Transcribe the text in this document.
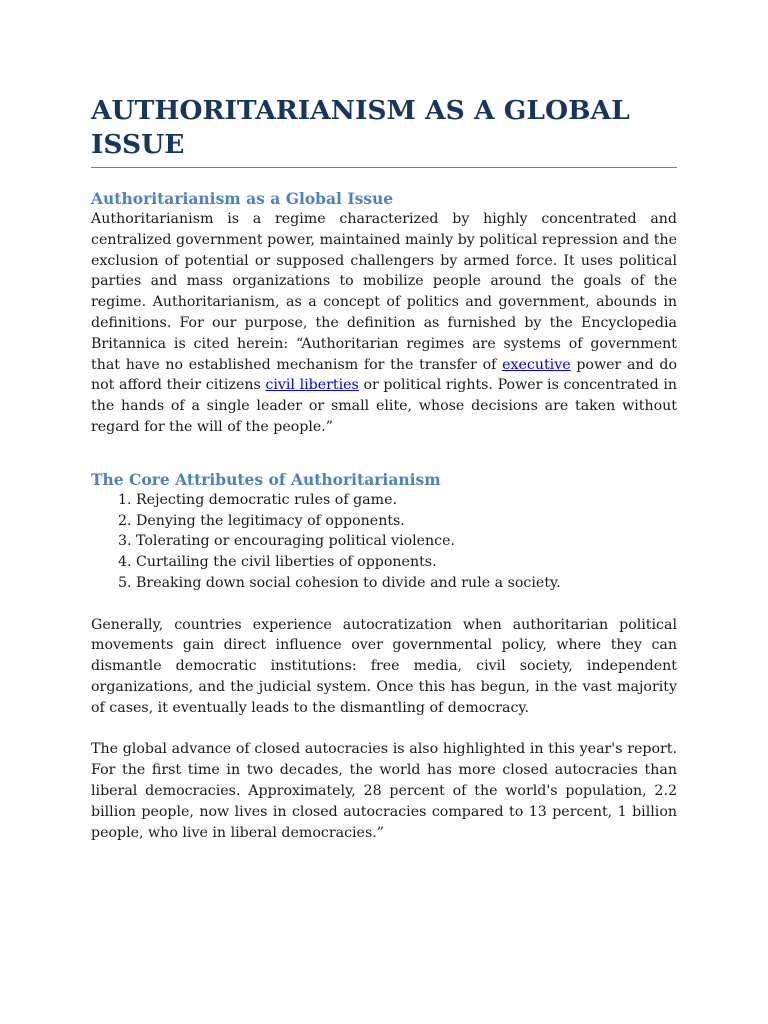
AUTHORITARIANISM AS A GLOBAL ISSUE
Authoritarianism as a Global Issue

Authoritarianism is a regime characterized by highly concentrated and centralized government power, maintained mainly by political repression and the exclusion of potential or supposed challengers by armed force. It uses political parties and mass organizations to mobilize people around the goals of the regime. Authoritarianism, as a concept of politics and government, abounds in definitions. For our purpose, the definition as furnished by the Encyclopedia Britannica is cited herein: “Authoritarian regimes are systems of government that have no established mechanism for the transfer of executive power and do not afford their citizens civil liberties or political rights. Power is concentrated in the hands of a single leader or small elite, whose decisions are taken without regard for the will of the people.”

The Core Attributes of Authoritarianism
1. Rejecting democratic rules of game.
2. Denying the legitimacy of opponents.
3. Tolerating or encouraging political violence.
4. Curtailing the civil liberties of opponents.
5. Breaking down social cohesion to divide and rule a society.

Generally, countries experience autocratization when authoritarian political movements gain direct influence over governmental policy, where they can dismantle democratic institutions: free media, civil society, independent organizations, and the judicial system. Once this has begun, in the vast majority of cases, it eventually leads to the dismantling of democracy.

The global advance of closed autocracies is also highlighted in this year's report. For the first time in two decades, the world has more closed autocracies than liberal democracies. Approximately, 28 percent of the world's population, 2.2 billion people, now lives in closed autocracies compared to 13 percent, 1 billion people, who live in liberal democracies.”
